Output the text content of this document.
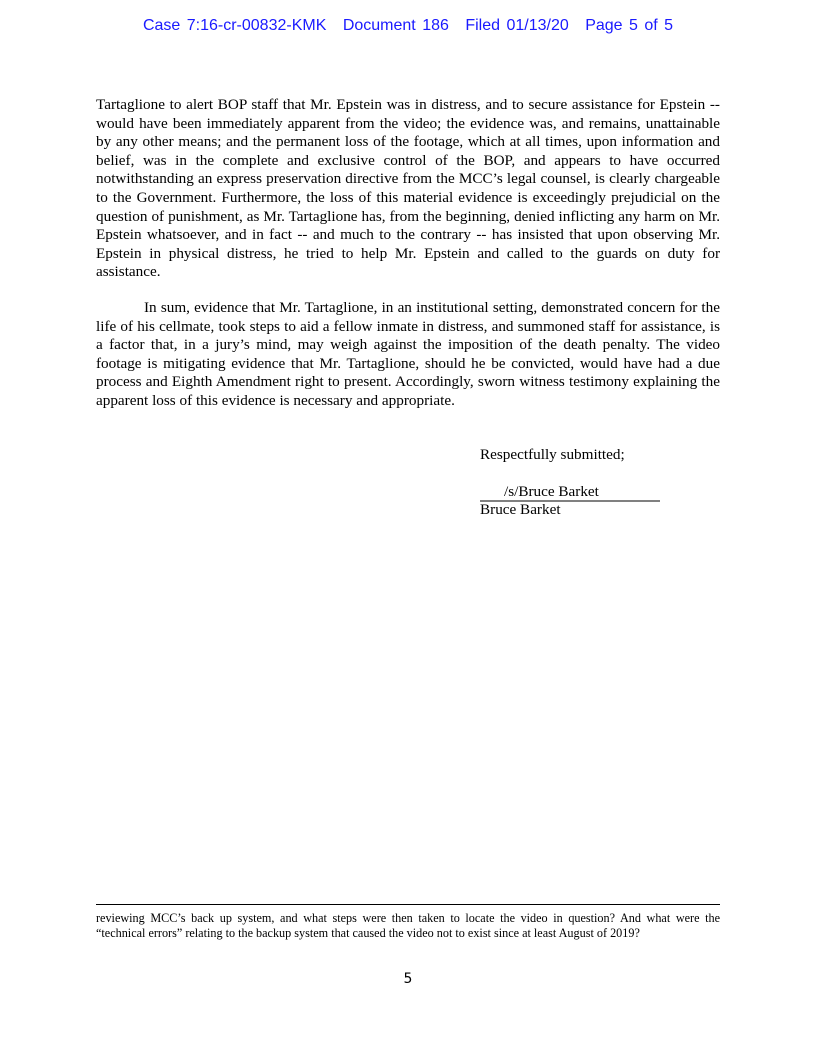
Case 7:16-cr-00832-KMK Document 186 Filed 01/13/20 Page 5 of 5

Tartaglione to alert BOP staff that Mr. Epstein was in distress, and to secure assistance for Epstein -- would have been immediately apparent from the video; the evidence was, and remains, unattainable by any other means; and the permanent loss of the footage, which at all times, upon information and belief, was in the complete and exclusive control of the BOP, and appears to have occurred notwithstanding an express preservation directive from the MCC’s legal counsel, is clearly chargeable to the Government. Furthermore, the loss of this material evidence is exceedingly prejudicial on the question of punishment, as Mr. Tartaglione has, from the beginning, denied inflicting any harm on Mr. Epstein whatsoever, and in fact -- and much to the contrary -- has insisted that upon observing Mr. Epstein in physical distress, he tried to help Mr. Epstein and called to the guards on duty for assistance.

In sum, evidence that Mr. Tartaglione, in an institutional setting, demonstrated concern for the life of his cellmate, took steps to aid a fellow inmate in distress, and summoned staff for assistance, is a factor that, in a jury’s mind, may weigh against the imposition of the death penalty. The video footage is mitigating evidence that Mr. Tartaglione, should he be convicted, would have had a due process and Eighth Amendment right to present. Accordingly, sworn witness testimony explaining the apparent loss of this evidence is necessary and appropriate.

Respectfully submitted;
/s/Bruce Barket
Bruce Barket

reviewing MCC’s back up system, and what steps were then taken to locate the video in question? And what were the “technical errors” relating to the backup system that caused the video not to exist since at least August of 2019?

5
